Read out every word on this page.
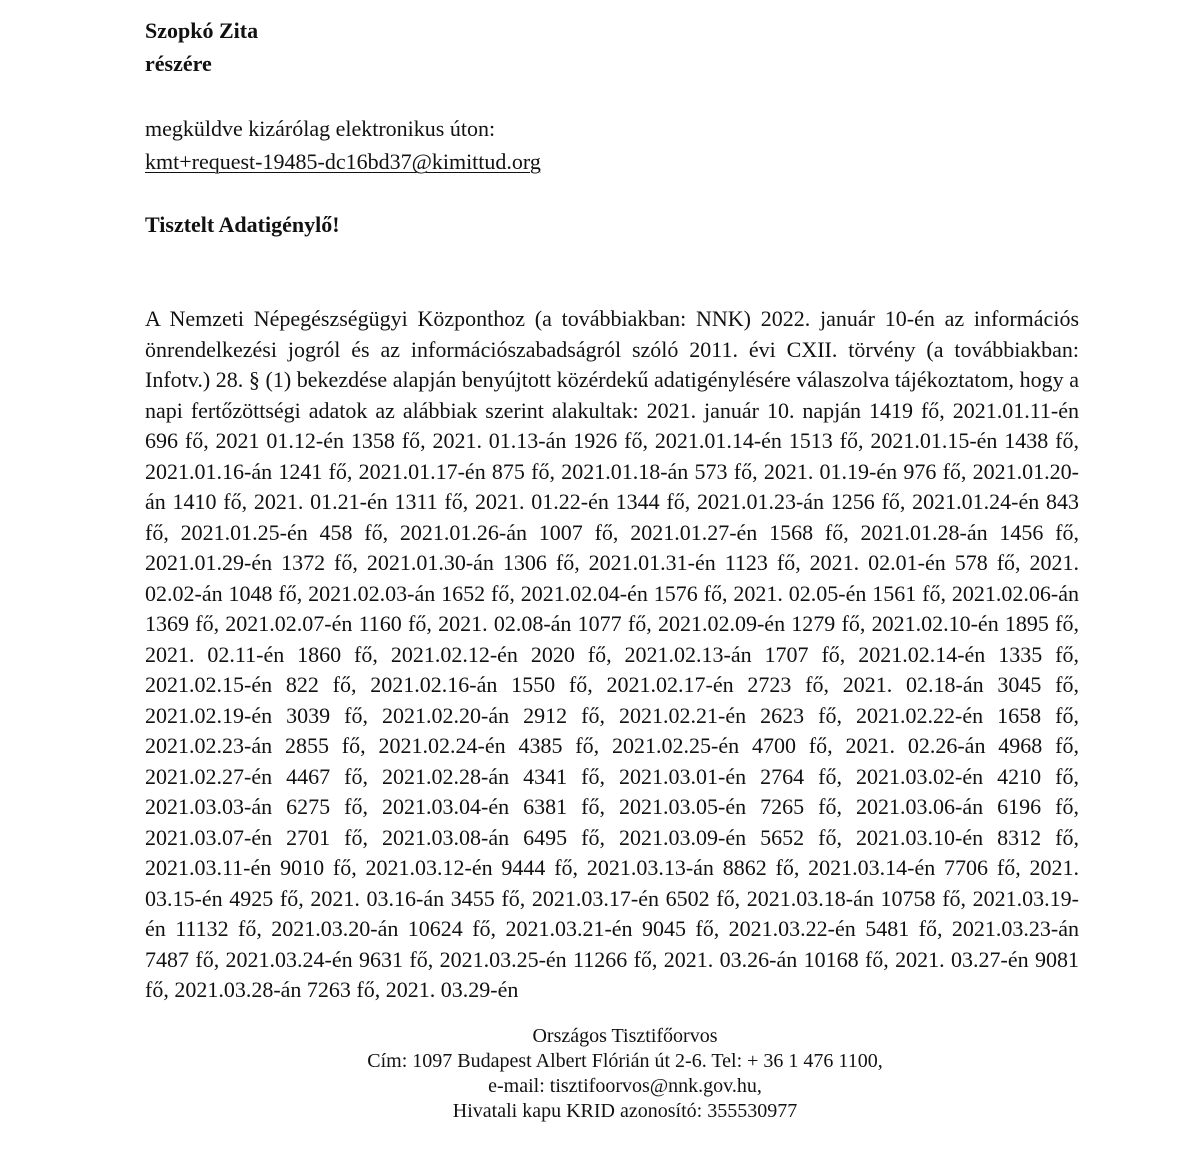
Szopkó Zita
részére
megküldve kizárólag elektronikus úton:
kmt+request-19485-dc16bd37@kimittud.org
Tisztelt Adatigénylő!
A Nemzeti Népegészségügyi Központhoz (a továbbiakban: NNK) 2022. január 10-én az információs önrendelkezési jogról és az információszabadságról szóló 2011. évi CXII. törvény (a továbbiakban: Infotv.) 28. § (1) bekezdése alapján benyújtott közérdekű adatigénylésére válaszolva tájékoztatom, hogy a napi fertőzöttségi adatok az alábbiak szerint alakultak: 2021. január 10. napján 1419 fő, 2021.01.11-én 696 fő, 2021 01.12-én 1358 fő, 2021. 01.13-án 1926 fő, 2021.01.14-én 1513 fő, 2021.01.15-én 1438 fő, 2021.01.16-án 1241 fő, 2021.01.17-én 875 fő, 2021.01.18-án 573 fő, 2021. 01.19-én 976 fő, 2021.01.20-án 1410 fő, 2021. 01.21-én 1311 fő, 2021. 01.22-én 1344 fő, 2021.01.23-án 1256 fő, 2021.01.24-én 843 fő, 2021.01.25-én 458 fő, 2021.01.26-án 1007 fő, 2021.01.27-én 1568 fő, 2021.01.28-án 1456 fő, 2021.01.29-én 1372 fő, 2021.01.30-án 1306 fő, 2021.01.31-én 1123 fő, 2021. 02.01-én 578 fő, 2021. 02.02-án 1048 fő, 2021.02.03-án 1652 fő, 2021.02.04-én 1576 fő, 2021. 02.05-én 1561 fő, 2021.02.06-án 1369 fő, 2021.02.07-én 1160 fő, 2021. 02.08-án 1077 fő, 2021.02.09-én 1279 fő, 2021.02.10-én 1895 fő, 2021. 02.11-én 1860 fő, 2021.02.12-én 2020 fő, 2021.02.13-án 1707 fő, 2021.02.14-én 1335 fő, 2021.02.15-én 822 fő, 2021.02.16-án 1550 fő, 2021.02.17-én 2723 fő, 2021. 02.18-án 3045 fő, 2021.02.19-én 3039 fő, 2021.02.20-án 2912 fő, 2021.02.21-én 2623 fő, 2021.02.22-én 1658 fő, 2021.02.23-án 2855 fő, 2021.02.24-én 4385 fő, 2021.02.25-én 4700 fő, 2021. 02.26-án 4968 fő, 2021.02.27-én 4467 fő, 2021.02.28-án 4341 fő, 2021.03.01-én 2764 fő, 2021.03.02-én 4210 fő, 2021.03.03-án 6275 fő, 2021.03.04-én 6381 fő, 2021.03.05-én 7265 fő, 2021.03.06-án 6196 fő, 2021.03.07-én 2701 fő, 2021.03.08-án 6495 fő, 2021.03.09-én 5652 fő, 2021.03.10-én 8312 fő, 2021.03.11-én 9010 fő, 2021.03.12-én 9444 fő, 2021.03.13-án 8862 fő, 2021.03.14-én 7706 fő, 2021. 03.15-én 4925 fő, 2021. 03.16-án 3455 fő, 2021.03.17-én 6502 fő, 2021.03.18-án 10758 fő, 2021.03.19-én 11132 fő, 2021.03.20-án 10624 fő, 2021.03.21-én 9045 fő, 2021.03.22-én 5481 fő, 2021.03.23-án 7487 fő, 2021.03.24-én 9631 fő, 2021.03.25-én 11266 fő, 2021. 03.26-án 10168 fő, 2021. 03.27-én 9081 fő, 2021.03.28-án 7263 fő, 2021. 03.29-én
Országos Tisztifőorvos
Cím: 1097 Budapest Albert Flórián út 2-6. Tel: + 36 1 476 1100,
e-mail: tisztifoorvos@nnk.gov.hu,
Hivatali kapu KRID azonosító: 355530977
